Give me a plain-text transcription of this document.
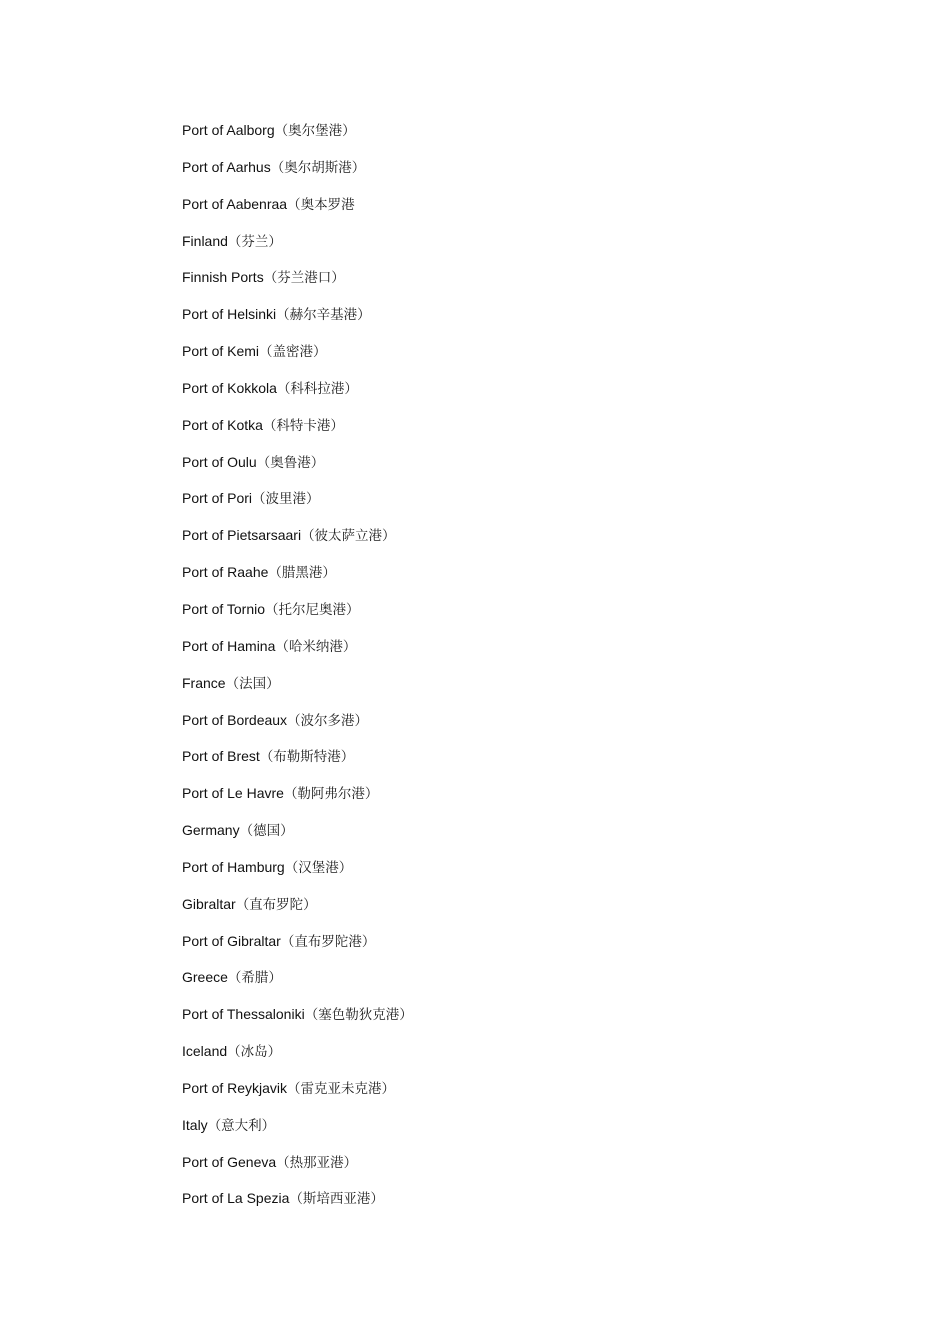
Port of Aalborg（奥尔堡港）
Port of Aarhus（奥尔胡斯港）
Port of Aabenraa（奥本罗港
Finland（芬兰）
Finnish Ports（芬兰港口）
Port of Helsinki（赫尔辛基港）
Port of Kemi（盖密港）
Port of Kokkola（科科拉港）
Port of Kotka（科特卡港）
Port of Oulu（奥鲁港）
Port of Pori（波里港）
Port of Pietsarsaari（彼太萨立港）
Port of Raahe（腊黑港）
Port of Tornio（托尔尼奥港）
Port of Hamina（哈米纳港）
France（法国）
Port of Bordeaux（波尔多港）
Port of Brest（布勒斯特港）
Port of Le Havre（勒阿弗尔港）
Germany（德国）
Port of Hamburg（汉堡港）
Gibraltar（直布罗陀）
Port of Gibraltar（直布罗陀港）
Greece（希腊）
Port of Thessaloniki（塞色勒狄克港）
Iceland（冰岛）
Port of Reykjavik（雷克亚未克港）
Italy（意大利）
Port of Geneva（热那亚港）
Port of La Spezia（斯培西亚港）
